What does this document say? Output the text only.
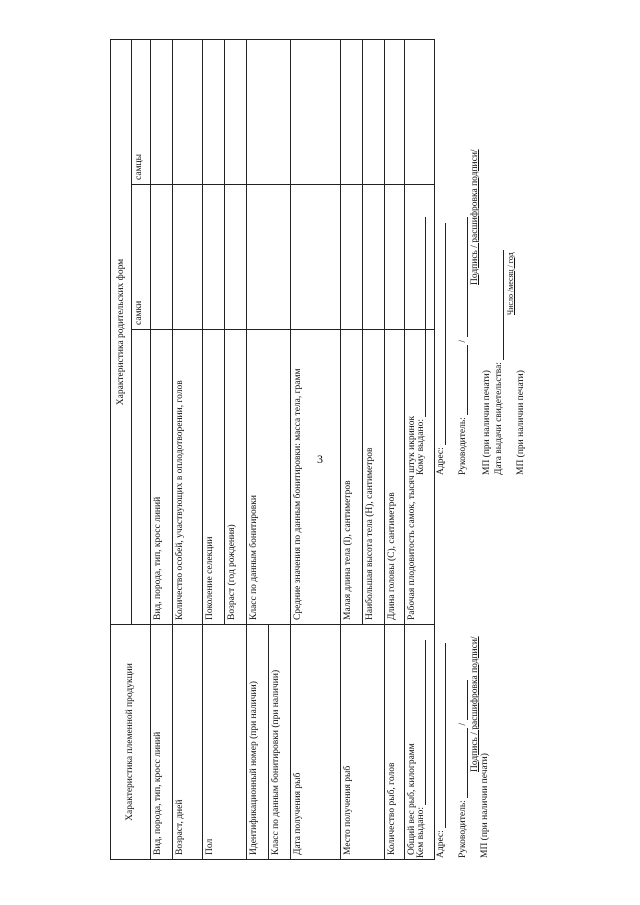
3
Характеристика племенной продукции	Характеристика родительских форм		
		самки	самцы
Вид, порода, тип, кросс линий	Вид, порода, тип, кросс линий		
Возраст, дней	Количество особей, участвующих в оплодотворении, голов		
Пол	Поколение селекции		
	Возраст (год рождения)		
Идентификационный номер (при наличии)	Класс по данным бонитировки		
Класс по данным бонитировки (при наличии)			
Дата получения рыб	Средние значения по данным бонитировки: масса тела, грамм		
Место получения рыб	Малая длина тела (l), сантиметров		
	Наибольшая высота тела (H), сантиметров		
Количество рыб, голов	Длина головы (C), сантиметров		
Общий вес рыб, килограмм	Рабочая плодовитость самок, тысяч штук икринок		
Кем выдано: Адрес: Руководитель:  / Подпись / расшифровка подписи/
МП (при наличии печати)
Кому выдано: Адрес: Руководитель:  /
Подпись / расшифровка подписи/
МП (при наличии печати) Дата выдачи свидетельства:
Число /месяц / год
МП (при наличии печати)
